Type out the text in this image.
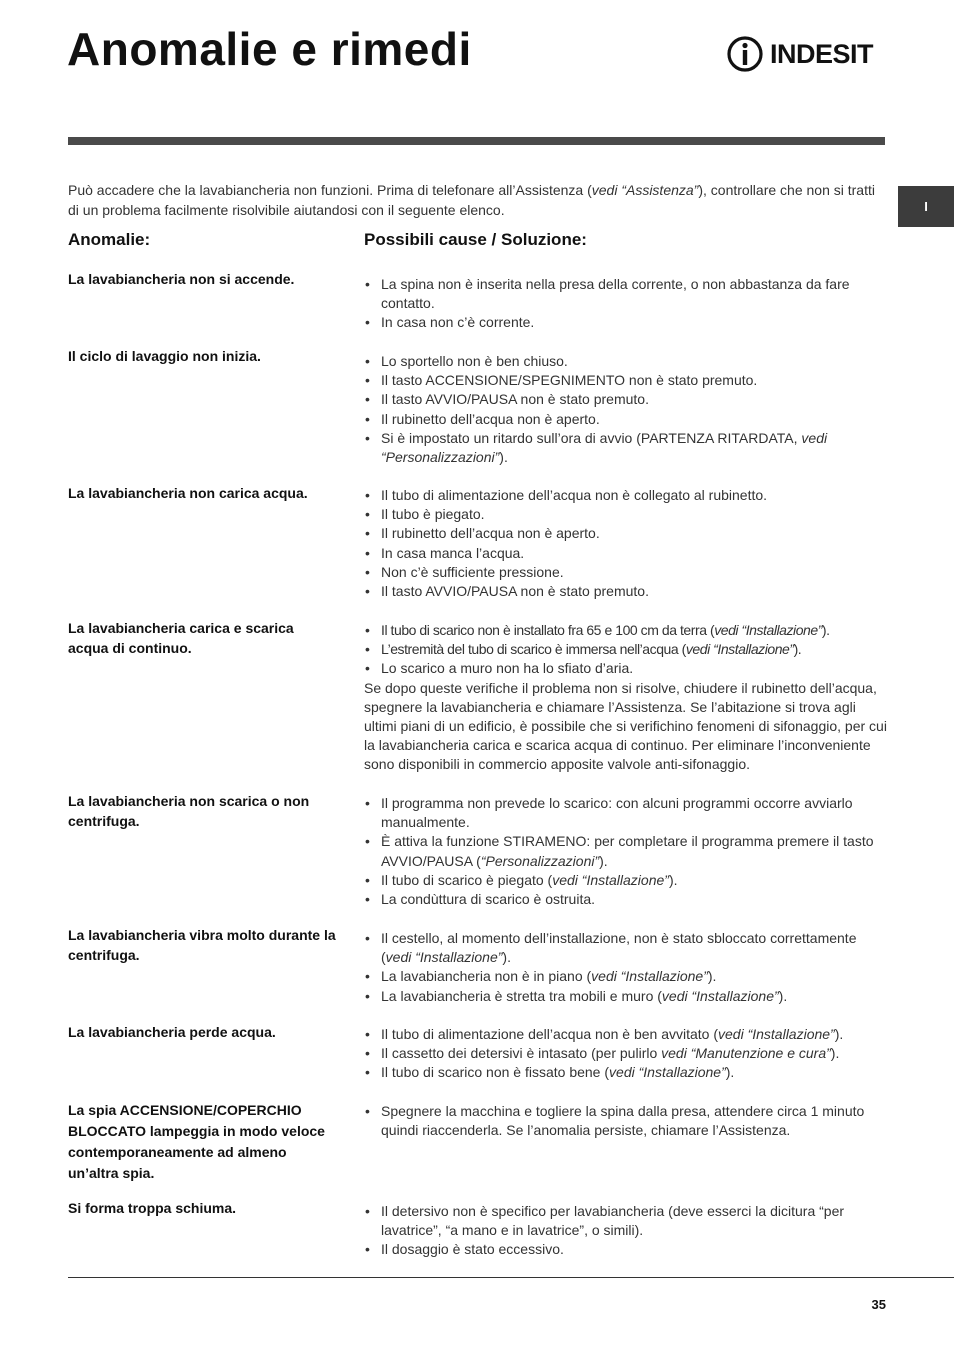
Anomalie e rimedi	INDESIT
I

Può accadere che la lavabiancheria non funzioni. Prima di telefonare all’Assistenza (vedi “Assistenza”), controllare che non si tratti di un problema facilmente risolvibile aiutandosi con il seguente elenco.

Anomalie:	Possibili cause / Soluzione:
La lavabiancheria non si accende.	• La spina non è inserita nella presa della corrente, o non abbastanza da fare contatto.
• In casa non c’è corrente.
Il ciclo di lavaggio non inizia.	• Lo sportello non è ben chiuso.
• Il tasto ACCENSIONE/SPEGNIMENTO non è stato premuto.
• Il tasto AVVIO/PAUSA non è stato premuto.
• Il rubinetto dell’acqua non è aperto.
• Si è impostato un ritardo sull’ora di avvio (PARTENZA RITARDATA, vedi “Personalizzazioni”).
La lavabiancheria non carica acqua.	• Il tubo di alimentazione dell’acqua non è collegato al rubinetto.
• Il tubo è piegato.
• Il rubinetto dell’acqua non è aperto.
• In casa manca l’acqua.
• Non c’è sufficiente pressione.
• Il tasto AVVIO/PAUSA non è stato premuto.
La lavabiancheria carica e scarica acqua di continuo.
• Il tubo di scarico non è installato fra 65 e 100 cm da terra (vedi “Installazione”).
• L’estremità del tubo di scarico è immersa nell’acqua (vedi “Installazione”).
• Lo scarico a muro non ha lo sfiato d’aria.

Se dopo queste verifiche il problema non si risolve, chiudere il rubinetto dell’acqua, spegnere la lavabiancheria e chiamare l’Assistenza. Se l’abitazione si trova agli ultimi piani di un edificio, è possibile che si verifichino fenomeni di sifonaggio, per cui la lavabiancheria carica e scarica acqua di continuo. Per eliminare l’inconveniente sono disponibili in commercio apposite valvole anti-sifonaggio.

La lavabiancheria non scarica o non centrifuga.
• Il programma non prevede lo scarico: con alcuni programmi occorre avviarlo manualmente.
• È attiva la funzione STIRAMENO: per completare il programma premere il tasto AVVIO/PAUSA (“Personalizzazioni”).
• Il tubo di scarico è piegato (vedi “Installazione”).
• La condùttura di scarico è ostruita.
La lavabiancheria vibra molto durante la centrifuga.
• Il cestello, al momento dell’installazione, non è stato sbloccato correttamente (vedi “Installazione”).
• La lavabiancheria non è in piano (vedi “Installazione”).
• La lavabiancheria è stretta tra mobili e muro (vedi “Installazione”).
La lavabiancheria perde acqua.	• Il tubo di alimentazione dell’acqua non è ben avvitato (vedi “Installazione”).
• Il cassetto dei detersivi è intasato (per pulirlo vedi “Manutenzione e cura”).
• Il tubo di scarico non è fissato bene (vedi “Installazione”).
La spia ACCENSIONE/COPERCHIO BLOCCATO lampeggia in modo veloce contemporaneamente ad almeno un’altra spia.
• Spegnere la macchina e togliere la spina dalla presa, attendere circa 1 minuto quindi riaccenderla. Se l’anomalia persiste, chiamare l’Assistenza.
Si forma troppa schiuma.	• Il detersivo non è specifico per lavabiancheria (deve esserci la dicitura “per lavatrice”, “a mano e in lavatrice”, o simili).
• Il dosaggio è stato eccessivo.
35
